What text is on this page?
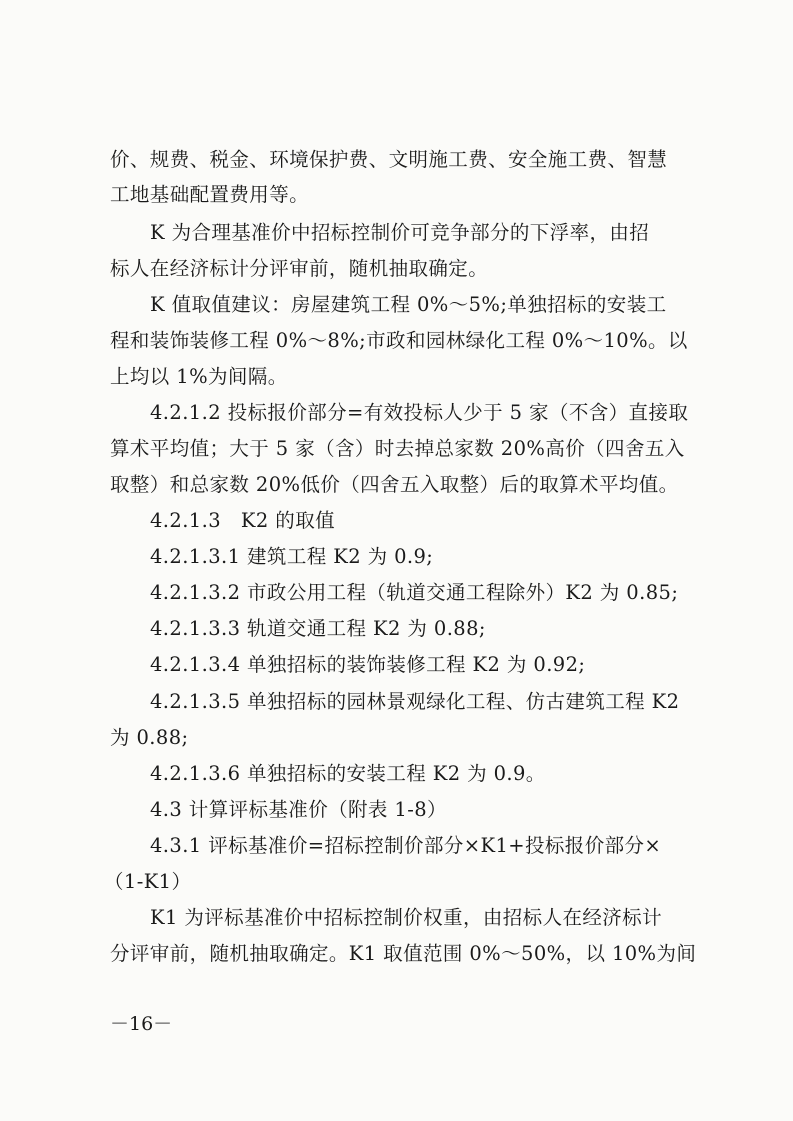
价、规费、税金、环境保护费、文明施工费、安全施工费、智慧
工地基础配置费用等。
K 为合理基准价中招标控制价可竞争部分的下浮率，由招
标人在经济标计分评审前，随机抽取确定。
K 值取值建议：房屋建筑工程 0%～5%;单独招标的安装工
程和装饰装修工程 0%～8%;市政和园林绿化工程 0%～10%。以
上均以 1%为间隔。
4.2.1.2 投标报价部分=有效投标人少于 5 家（不含）直接取
算术平均值；大于 5 家（含）时去掉总家数 20%高价（四舍五入
取整）和总家数 20%低价（四舍五入取整）后的取算术平均值。
4.2.1.3　K2 的取值
4.2.1.3.1 建筑工程 K2 为 0.9;
4.2.1.3.2 市政公用工程（轨道交通工程除外）K2 为 0.85;
4.2.1.3.3 轨道交通工程 K2 为 0.88;
4.2.1.3.4 单独招标的装饰装修工程 K2 为 0.92;
4.2.1.3.5 单独招标的园林景观绿化工程、仿古建筑工程 K2
为 0.88;
4.2.1.3.6 单独招标的安装工程 K2 为 0.9。
4.3 计算评标基准价（附表 1-8）
4.3.1 评标基准价=招标控制价部分×K1+投标报价部分×
（1-K1）
K1 为评标基准价中招标控制价权重，由招标人在经济标计
分评审前，随机抽取确定。K1 取值范围 0%～50%，以 10%为间
－16－
